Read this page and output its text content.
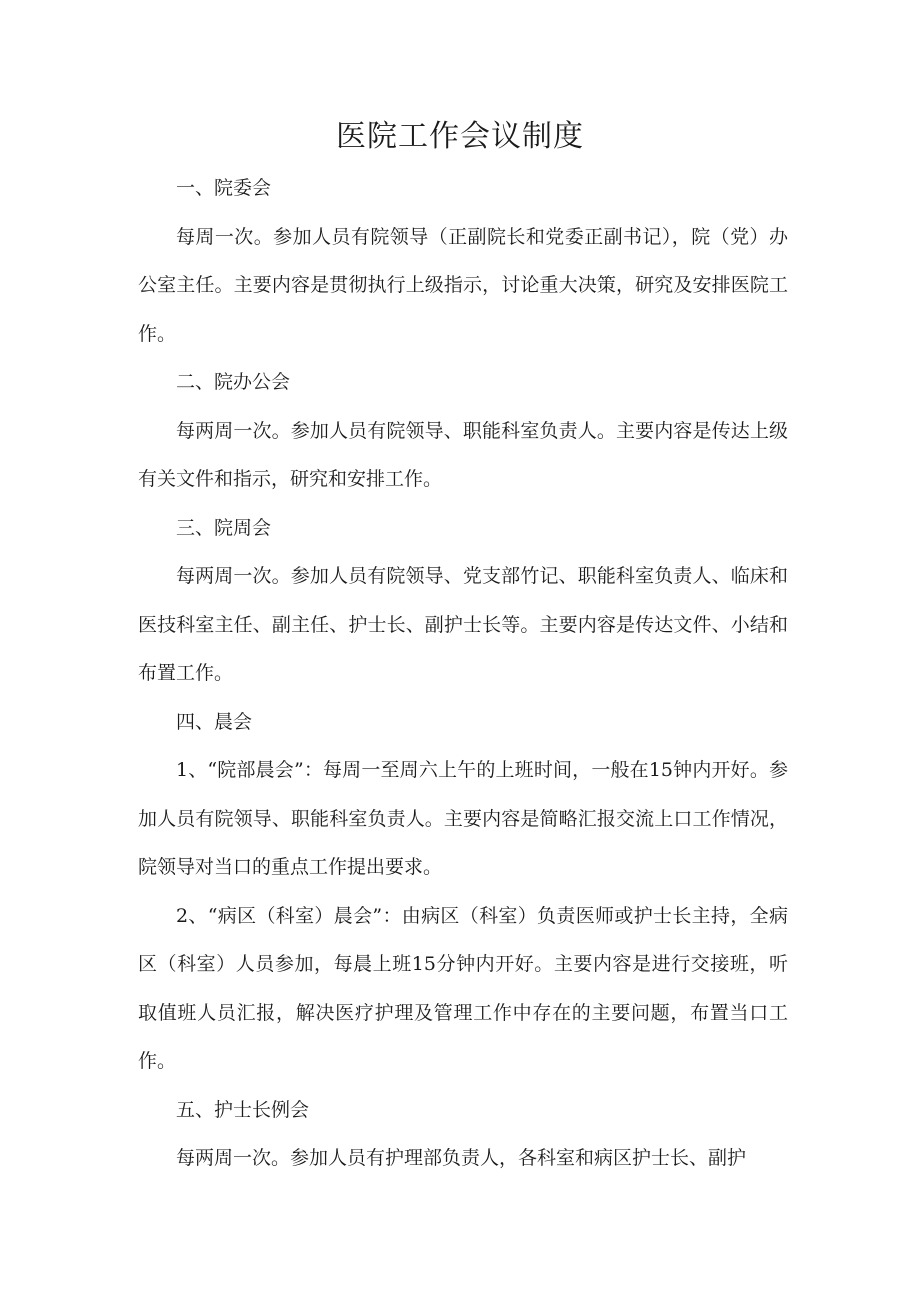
医院工作会议制度

一、院委会

每周一次。参加人员有院领导（正副院长和党委正副书记），院（党）办公室主任。主要内容是贯彻执行上级指示，讨论重大决策，研究及安排医院工作。

二、院办公会

每两周一次。参加人员有院领导、职能科室负责人。主要内容是传达上级有关文件和指示，研究和安排工作。

三、院周会

每两周一次。参加人员有院领导、党支部竹记、职能科室负责人、临床和医技科室主任、副主任、护士长、副护士长等。主要内容是传达文件、小结和布置工作。

四、晨会

1、“院部晨会”：每周一至周六上午的上班时间，一般在15钟内开好。参加人员有院领导、职能科室负责人。主要内容是简略汇报交流上口工作情况，院领导对当口的重点工作提出要求。

2、“病区（科室）晨会”：由病区（科室）负责医师或护士长主持，全病区（科室）人员参加，每晨上班15分钟内开好。主要内容是进行交接班，听取值班人员汇报，解决医疗护理及管理工作中存在的主要问题，布置当口工作。

五、护士长例会

每两周一次。参加人员有护理部负责人，各科室和病区护士长、副护
